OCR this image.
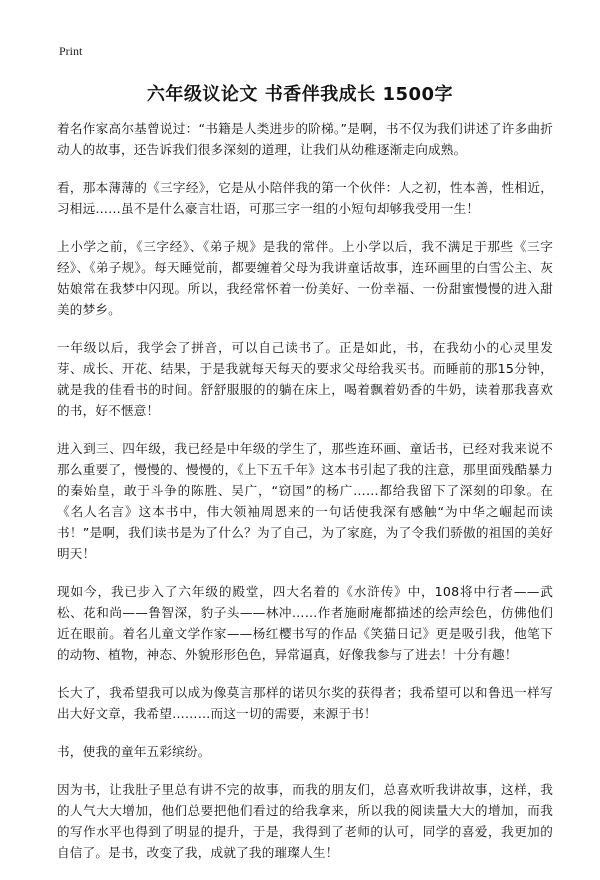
Print
六年级议论文 书香伴我成长 1500字

着名作家高尔基曾说过：“书籍是人类进步的阶梯。”是啊，书不仅为我们讲述了许多曲折动人的故事，还告诉我们很多深刻的道理，让我们从幼稚逐渐走向成熟。

看，那本薄薄的《三字经》，它是从小陪伴我的第一个伙伴：人之初，性本善，性相近，习相远……虽不是什么豪言壮语，可那三字一组的小短句却够我受用一生！

上小学之前，《三字经》、《弟子规》是我的常伴。上小学以后，我不满足于那些《三字经》、《弟子规》。每天睡觉前，都要缠着父母为我讲童话故事，连环画里的白雪公主、灰姑娘常在我梦中闪现。所以，我经常怀着一份美好、一份幸福、一份甜蜜慢慢的进入甜美的梦乡。

一年级以后，我学会了拼音，可以自己读书了。正是如此，书，在我幼小的心灵里发芽、成长、开花、结果，于是我就每天每天的要求父母给我买书。而睡前的那15分钟，就是我的佳看书的时间。舒舒服服的的躺在床上，喝着飘着奶香的牛奶，读着那我喜欢的书，好不惬意！

进入到三、四年级，我已经是中年级的学生了，那些连环画、童话书，已经对我来说不那么重要了，慢慢的、慢慢的，《上下五千年》这本书引起了我的注意，那里面残酷暴力的秦始皇，敢于斗争的陈胜、吴广，“窃国”的杨广……都给我留下了深刻的印象。在《名人名言》这本书中，伟大领袖周恩来的一句话使我深有感触“为中华之崛起而读书！”是啊，我们读书是为了什么？为了自己，为了家庭，为了令我们骄傲的祖国的美好明天！

现如今，我已步入了六年级的殿堂，四大名着的《水浒传》中，108将中行者——武松、花和尚——鲁智深，豹子头——林冲……作者施耐庵都描述的绘声绘色，仿佛他们近在眼前。着名儿童文学作家——杨红樱书写的作品《笑猫日记》更是吸引我，他笔下的动物、植物，神态、外貌形形色色，异常逼真，好像我参与了进去！十分有趣！

长大了，我希望我可以成为像莫言那样的诺贝尔奖的获得者；我希望可以和鲁迅一样写出大好文章，我希望………而这一切的需要，来源于书！

书，使我的童年五彩缤纷。

因为书，让我肚子里总有讲不完的故事，而我的朋友们，总喜欢听我讲故事，这样，我的人气大大增加，他们总要把他们看过的给我拿来，所以我的阅读量大大的增加，而我的写作水平也得到了明显的提升，于是，我得到了老师的认可，同学的喜爱，我更加的自信了。是书，改变了我，成就了我的璀璨人生！
